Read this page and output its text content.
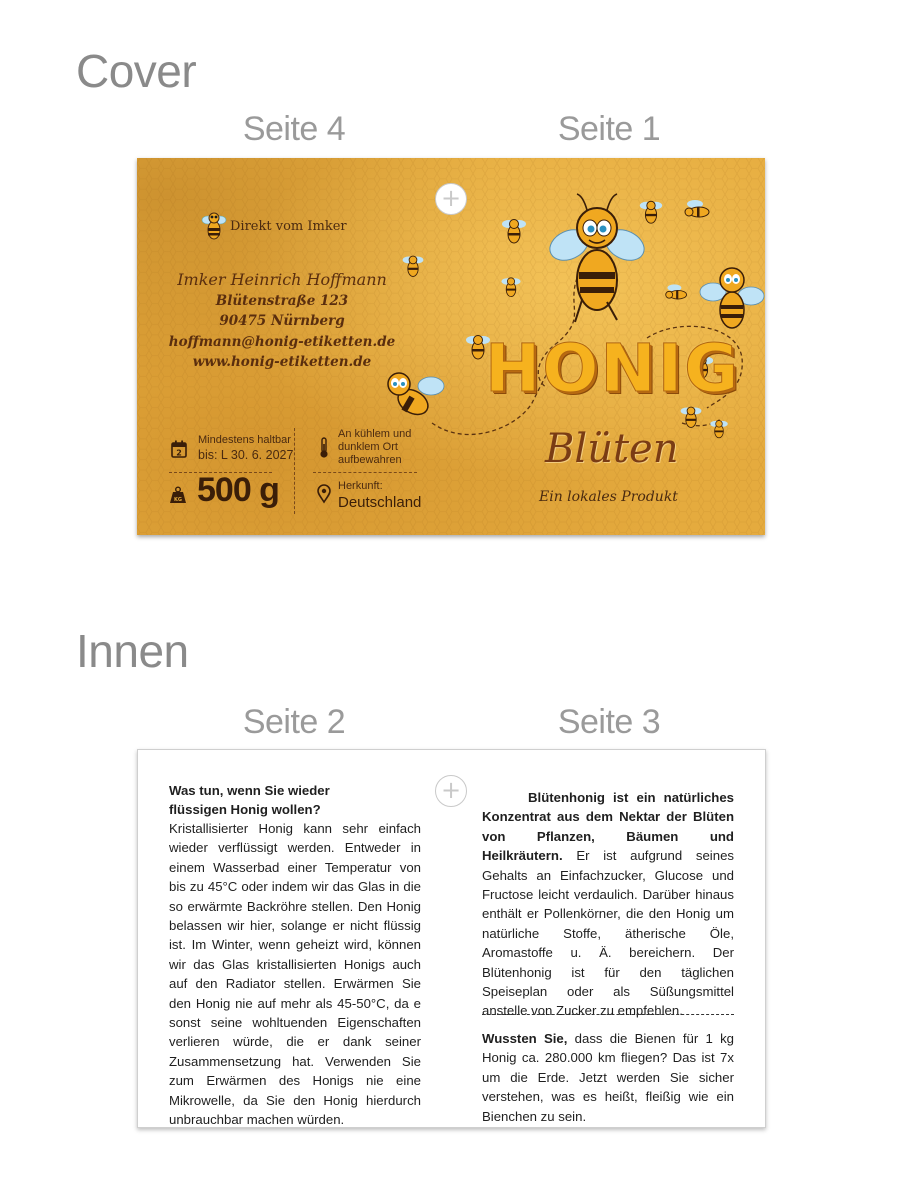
Cover
Innen
Seite 4	Seite 1
Seite 2	Seite 3
+
Direkt vom Imker
Imker Heinrich Hoffmann
Blütenstraße 123
90475 Nürnberg
hoffmann@honig-etiketten.de
www.honig-etiketten.de
2
Mindestens haltbar
bis: L 30. 6. 2027
An kühlem und
dunklem Ort
aufbewahren
KG 500 g	Herkunft:
Deutschland
HONIG
Blüten
Ein lokales Produkt
+
Was tun, wenn Sie wieder flüssigen Honig wollen?
Kristallisierter Honig kann sehr einfach wieder verflüssigt werden. Entweder in einem Wasserbad einer Temperatur von bis zu 45°C oder indem wir das Glas in die so erwärmte Backröhre stellen. Den Honig belassen wir hier, solange er nicht flüssig ist. Im Winter, wenn geheizt wird, können wir das Glas kristallisierten Honigs auch auf den Radiator stellen. Erwärmen Sie den Honig nie auf mehr als 45-50°C, da e sonst seine wohltuenden Eigenschaften verlieren würde, die er dank seiner Zusammensetzung hat. Verwenden Sie zum Erwärmen des Honigs nie eine Mikrowelle, da Sie den Honig hierdurch unbrauchbar machen würden.
Blütenhonig ist ein natürliches Konzentrat aus dem Nektar der Blüten von Pflanzen, Bäumen und Heilkräutern. Er ist aufgrund seines Gehalts an Einfachzucker, Glucose und Fructose leicht verdaulich. Darüber hinaus enthält er Pollenkörner, die den Honig um natürliche Stoffe, ätherische Öle, Aromastoffe u. Ä. bereichern. Der Blütenhonig ist für den täglichen Speiseplan oder als Süßungsmittel anstelle von Zucker zu empfehlen.
Wussten Sie, dass die Bienen für 1 kg Honig ca. 280.000 km fliegen? Das ist 7x um die Erde. Jetzt werden Sie sicher verstehen, was es heißt, fleißig wie ein Bienchen zu sein.
